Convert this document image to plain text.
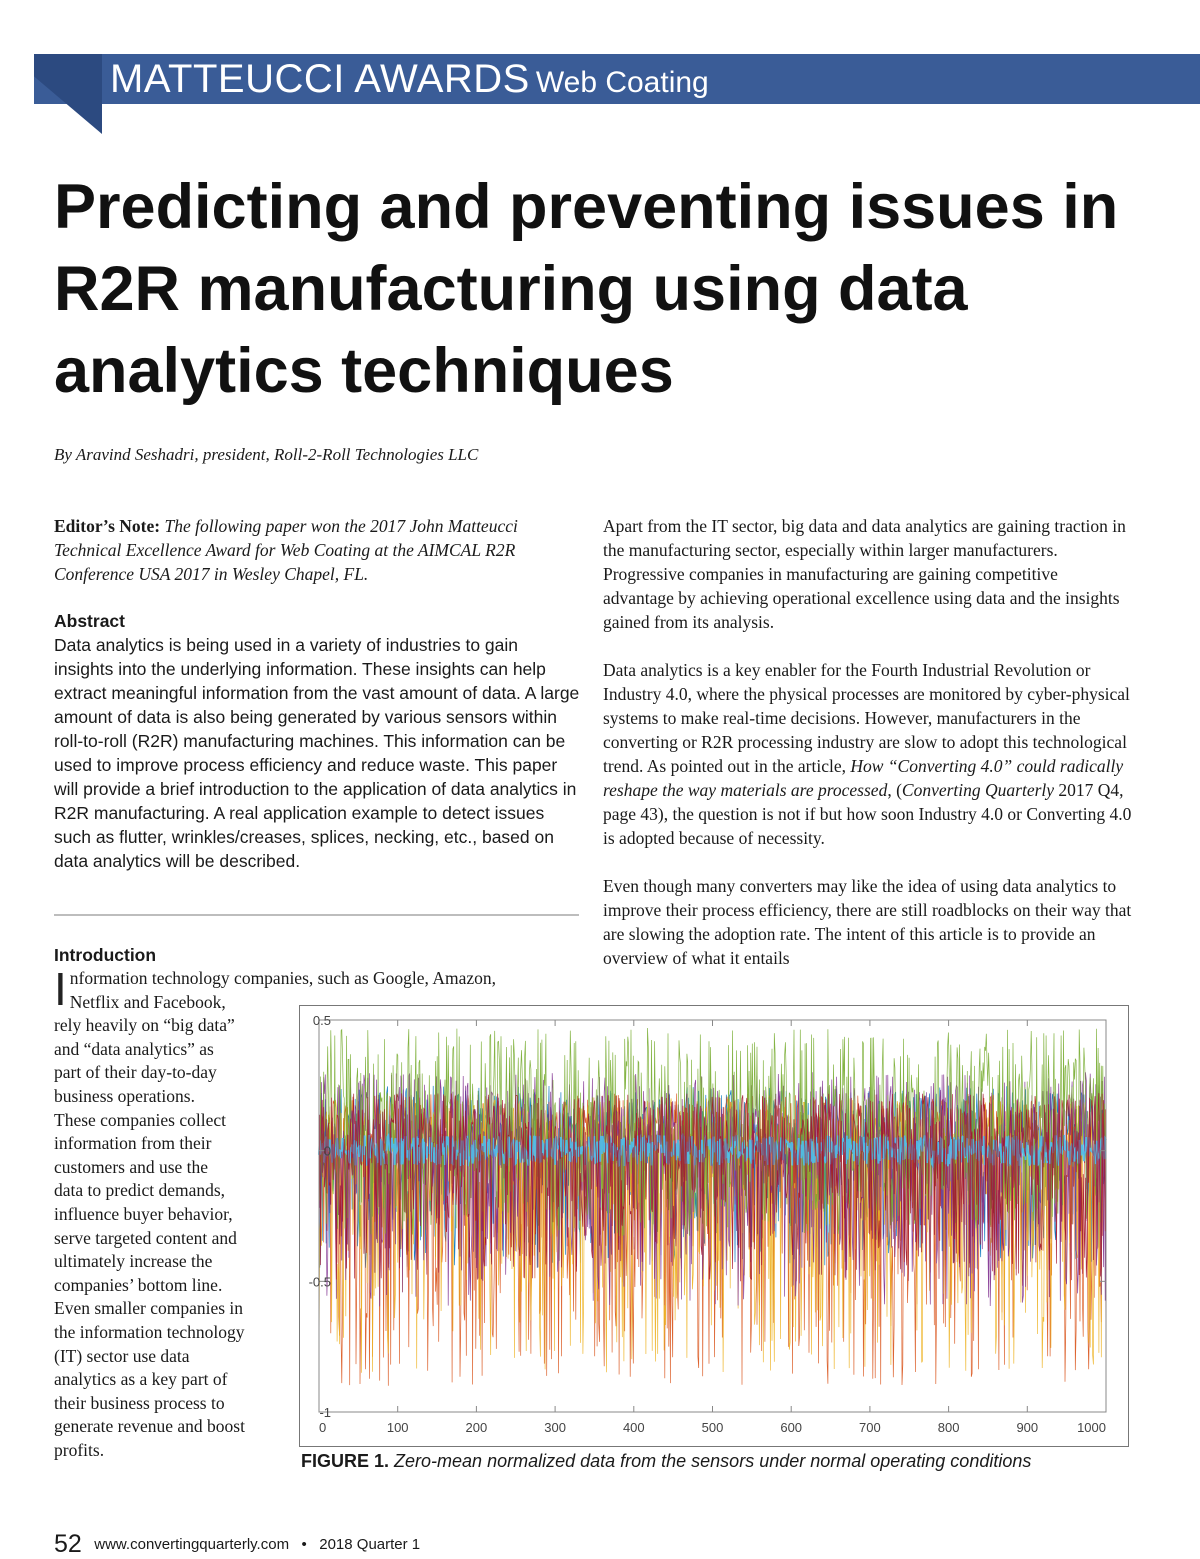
MATTEUCCI AWARDS Web Coating
Predicting and preventing issues in R2R manufacturing using data analytics techniques
By Aravind Seshadri, president, Roll-2-Roll Technologies LLC
Editor’s Note: The following paper won the 2017 John Matteucci Technical Excellence Award for Web Coating at the AIMCAL R2R Conference USA 2017 in Wesley Chapel, FL.
Abstract
Data analytics is being used in a variety of industries to gain insights into the underlying information. These insights can help extract meaningful information from the vast amount of data. A large amount of data is also being generated by various sensors within roll-to-roll (R2R) manufacturing machines. This information can be used to improve process efficiency and reduce waste. This paper will provide a brief introduction to the application of data analytics in R2R manufacturing. A real application example to detect issues such as flutter, wrinkles/creases, splices, necking, etc., based on data analytics will be described.
Introduction
I nformation technology companies, such as Google, Amazon,
Netflix and Facebook,
rely heavily on “big data”
and “data analytics” as
part of their day-to-day
business operations.
These companies collect
information from their
customers and use the
data to predict demands,
influence buyer behavior,
serve targeted content and
ultimately increase the
companies’ bottom line.
Even smaller companies in
the information technology
(IT) sector use data
analytics as a key part of
their business process to
generate revenue and boost
profits.

Apart from the IT sector, big data and data analytics are gaining traction in the manufacturing sector, especially within larger manufacturers. Progressive companies in manufacturing are gaining competitive advantage by achieving operational excellence using data and the insights gained from its analysis.

Data analytics is a key enabler for the Fourth Industrial Revolution or Industry 4.0, where the physical processes are monitored by cyber-physical systems to make real-time decisions. However, manufacturers in the converting or R2R processing industry are slow to adopt this technological trend. As pointed out in the article, How “Converting 4.0” could radically reshape the way materials are processed, (Converting Quarterly 2017 Q4, page 43), the question is not if but how soon Industry 4.0 or Converting 4.0 is adopted because of necessity.

Even though many converters may like the idea of using data analytics to improve their process efficiency, there are still roadblocks on their way that are slowing the adoption rate. The intent of this article is to provide an overview of what it entails

0	100	200	300	400	500	600	700	800	900	1000
0.5
0
-0.5
-1
FIGURE 1. Zero-mean normalized data from the sensors under normal operating conditions
52 www.convertingquarterly.com • 2018 Quarter 1
